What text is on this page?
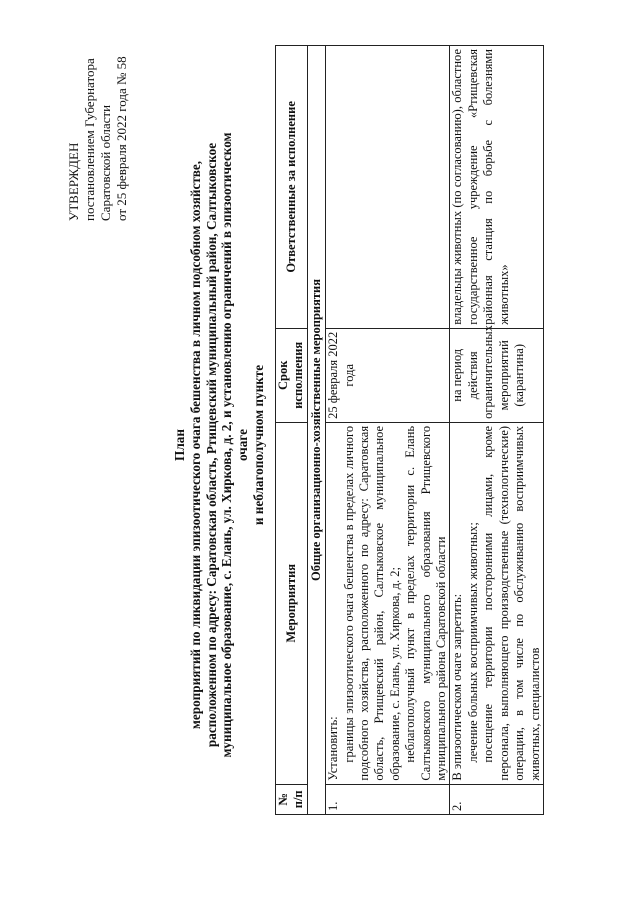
УТВЕРЖДЕН постановлением Губернатора Саратовской области от 25 февраля 2022 года № 58
План мероприятий по ликвидации эпизоотического очага бешенства в личном подсобном хозяйстве, расположенном по адресу: Саратовская область, Ртищевский муниципальный район, Салтыковское муниципальное образование, с. Елань, ул. Хиркова, д. 2, и установлению ограничений в эпизоотическом очаге и неблагополучном пункте
№ п/п	Мероприятия	Срок исполнения	Ответственные за исполнение
Общие организационно-хозяйственные мероприятия			
1.	Установить: границы эпизоотического очага бешенства в пределах личного подсобного хозяйства, расположенного по адресу: Саратовская область, Ртищевский район, Салтыковское муниципальное образование, с. Елань, ул. Хиркова, д. 2; неблагополучный пункт в пределах территории с. Елань Салтыковского муниципального образования Ртищевского муниципального района Саратовской области	25 февраля 2022 года	
2.	В эпизоотическом очаге запретить: лечение больных восприимчивых животных; посещение территории посторонними лицами, кроме персонала, выполняющего производственные (технологические) операции, в том числе по обслуживанию восприимчивых животных, специалистов	на период действия ограничительных мероприятий (карантина)	владельцы животных (по согласованию), областное государственное учреждение «Ртищевская районная станция по борьбе с болезнями животных»
